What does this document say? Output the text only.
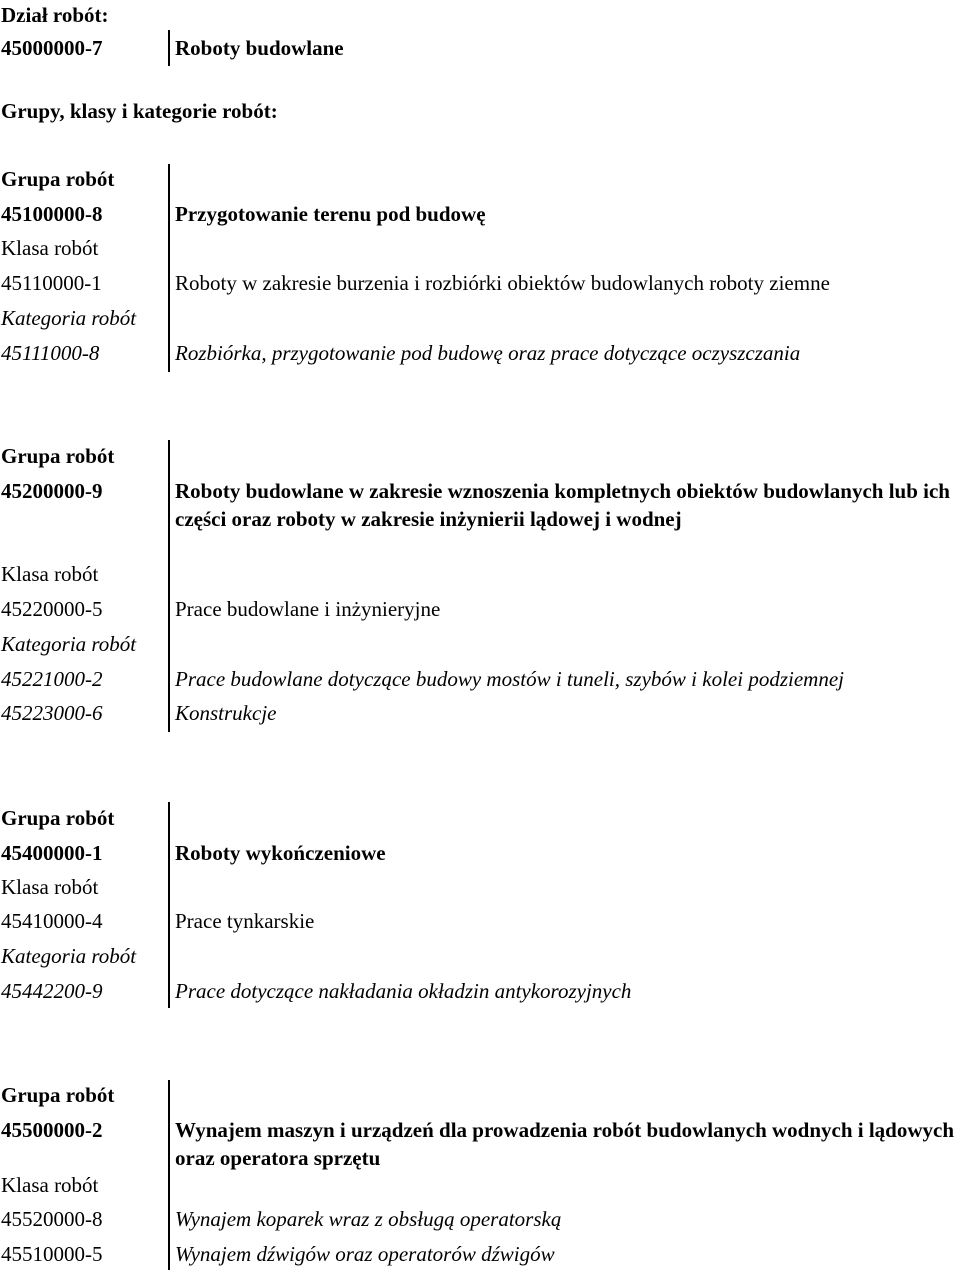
Dział robót:
45000000-7	Roboty budowlane
Grupy, klasy i kategorie robót:
Grupa robót
45100000-8	Przygotowanie terenu pod budowę
Klasa robót
45110000-1	Roboty w zakresie burzenia i rozbiórki obiektów budowlanych roboty ziemne
Kategoria robót
45111000-8	Rozbiórka, przygotowanie pod budowę oraz prace dotyczące oczyszczania
Grupa robót
45200000-9	Roboty budowlane w zakresie wznoszenia kompletnych obiektów budowlanych lub ich części oraz roboty w zakresie inżynierii lądowej i wodnej
Klasa robót
45220000-5	Prace budowlane i inżynieryjne
Kategoria robót
45221000-2	Prace budowlane dotyczące budowy mostów i tuneli, szybów i kolei podziemnej
45223000-6	Konstrukcje
Grupa robót
45400000-1	Roboty wykończeniowe
Klasa robót
45410000-4	Prace tynkarskie
Kategoria robót
45442200-9	Prace dotyczące nakładania okładzin antykorozyjnych
Grupa robót
45500000-2	Wynajem maszyn i urządzeń dla prowadzenia robót budowlanych wodnych i lądowych oraz operatora sprzętu
Klasa robót
45520000-8	Wynajem koparek wraz z obsługą operatorską
45510000-5	Wynajem dźwigów oraz operatorów dźwigów
